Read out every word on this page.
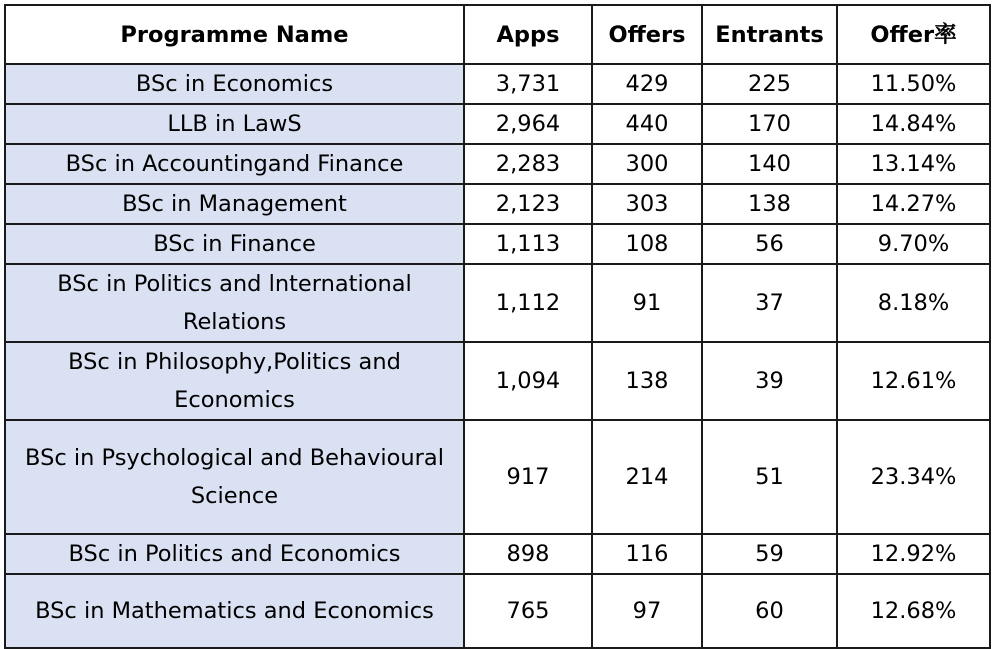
Programme Name	Apps	Offers	Entrants	Offer率
BSc in Economics	3,731	429	225	11.50%
LLB in LawS	2,964	440	170	14.84%
BSc in Accountingand Finance	2,283	300	140	13.14%
BSc in Management	2,123	303	138	14.27%
BSc in Finance	1,113	108	56	9.70%
BSc in Politics and lnternational Relations	1,112	91	37	8.18%
BSc in Philosophy,Politics and Economics	1,094	138	39	12.61%
BSc in Psychological and Behavioural Science	917	214	51	23.34%
BSc in Politics and Economics	898	116	59	12.92%
BSc in Mathematics and Economics	765	97	60	12.68%
